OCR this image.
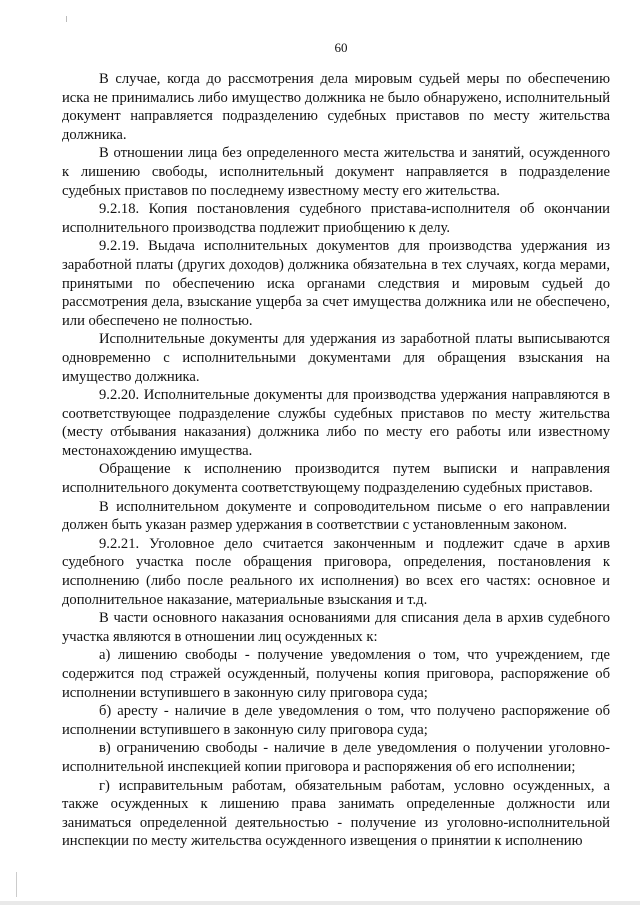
60

В случае, когда до рассмотрения дела мировым судьей меры по обеспечению иска не принимались либо имущество должника не было обнаружено, исполнительный документ направляется подразделению судебных приставов по месту жительства должника.

В отношении лица без определенного места жительства и занятий, осужденного к лишению свободы, исполнительный документ направляется в подразделение судебных приставов по последнему известному месту его жительства.

9.2.18. Копия постановления судебного пристава-исполнителя об окончании исполнительного производства подлежит приобщению к делу.

9.2.19. Выдача исполнительных документов для производства удержания из заработной платы (других доходов) должника обязательна в тех случаях, когда мерами, принятыми по обеспечению иска органами следствия и мировым судьей до рассмотрения дела, взыскание ущерба за счет имущества должника или не обеспечено, или обеспечено не полностью.

Исполнительные документы для удержания из заработной платы выписываются одновременно с исполнительными документами для обращения взыскания на имущество должника.

9.2.20. Исполнительные документы для производства удержания направляются в соответствующее подразделение службы судебных приставов по месту жительства (месту отбывания наказания) должника либо по месту его работы или известному местонахождению имущества.

Обращение к исполнению производится путем выписки и направления исполнительного документа соответствующему подразделению судебных приставов.

В исполнительном документе и сопроводительном письме о его направлении должен быть указан размер удержания в соответствии с установленным законом.

9.2.21. Уголовное дело считается законченным и подлежит сдаче в архив судебного участка после обращения приговора, определения, постановления к исполнению (либо после реального их исполнения) во всех его частях: основное и дополнительное наказание, материальные взыскания и т.д.

В части основного наказания основаниями для списания дела в архив судебного участка являются в отношении лиц осужденных к:

а) лишению свободы - получение уведомления о том, что учреждением, где содержится под стражей осужденный, получены копия приговора, распоряжение об исполнении вступившего в законную силу приговора суда;

б) аресту - наличие в деле уведомления о том, что получено распоряжение об исполнении вступившего в законную силу приговора суда;

в) ограничению свободы - наличие в деле уведомления о получении уголовно-исполнительной инспекцией копии приговора и распоряжения об его исполнении;

г) исправительным работам, обязательным работам, условно осужденных, а также осужденных к лишению права занимать определенные должности или заниматься определенной деятельностью - получение из уголовно-исполнительной инспекции по месту жительства осужденного извещения о принятии к исполнению
